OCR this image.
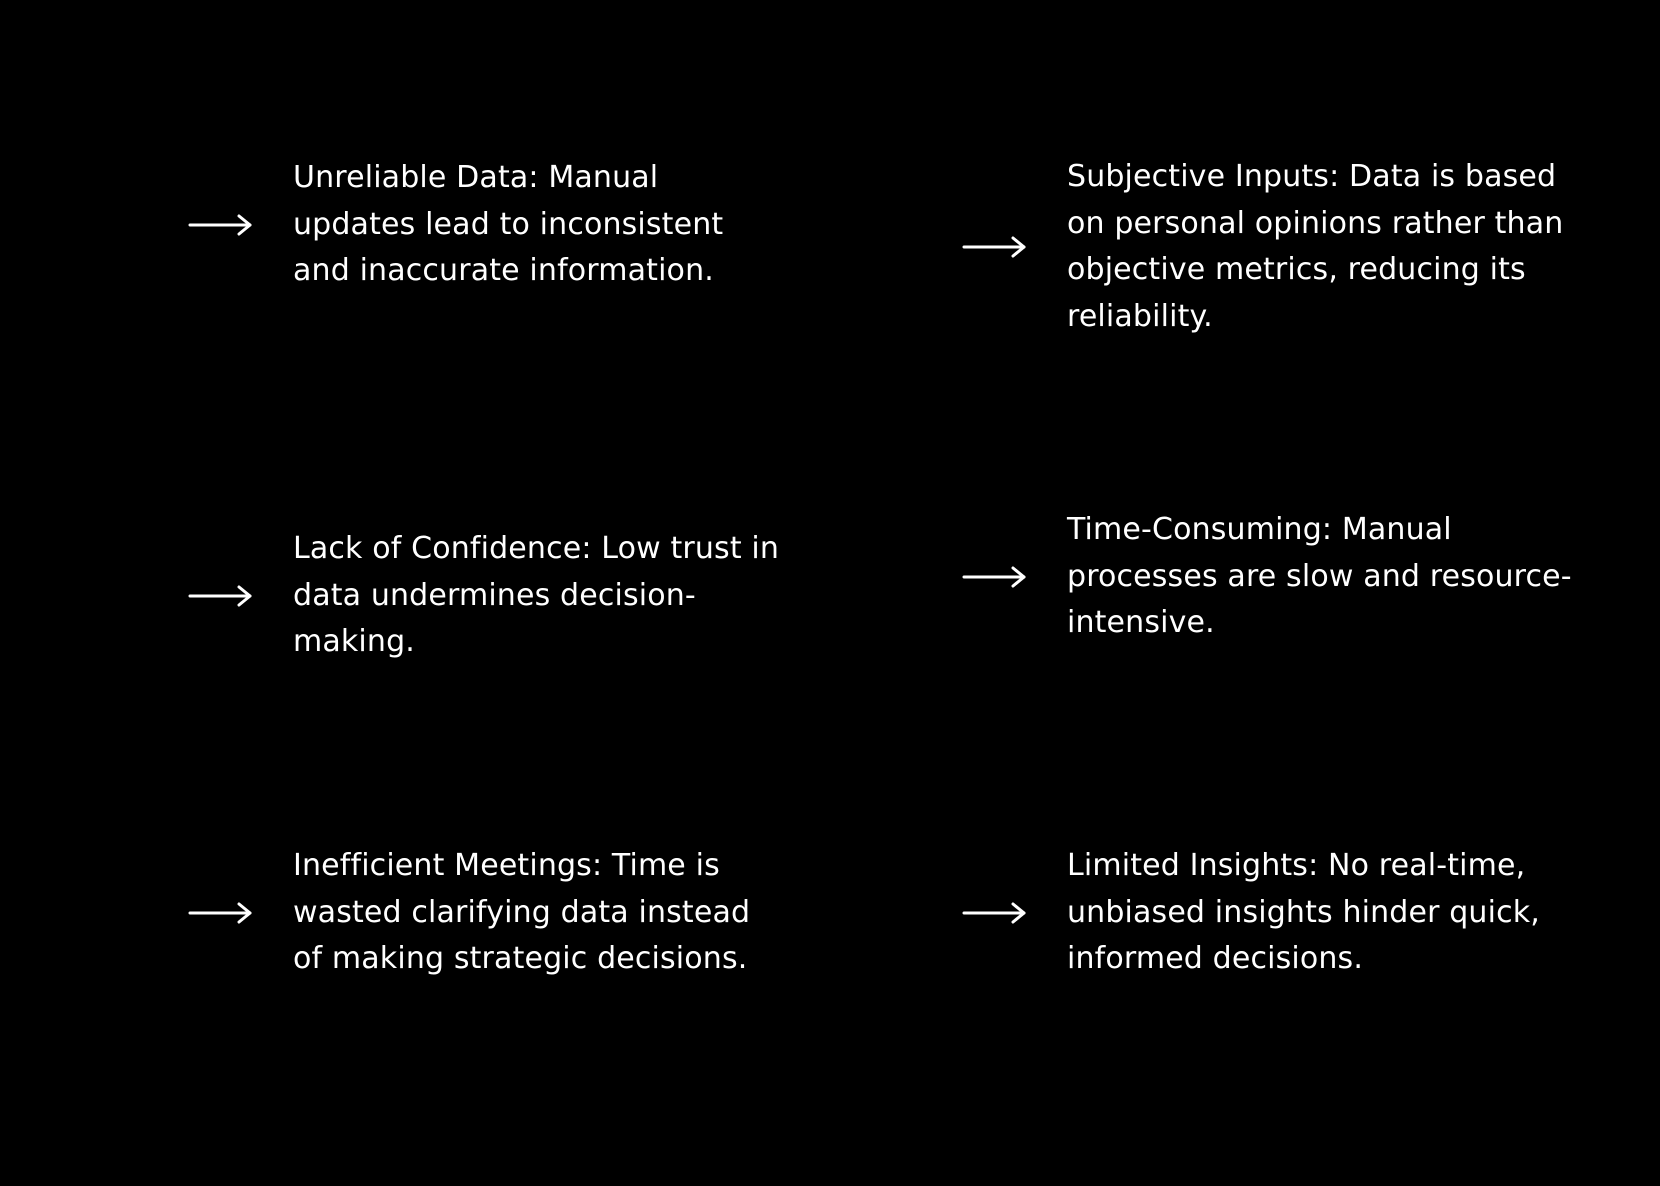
Unreliable Data: Manual updates lead to inconsistent and inaccurate information.
Subjective Inputs: Data is based on personal opinions rather than objective metrics, reducing its reliability.
Lack of Confidence: Low trust in data undermines decision-making.
Time-Consuming: Manual processes are slow and resource-intensive.
Inefficient Meetings: Time is wasted clarifying data instead of making strategic decisions.
Limited Insights: No real-time, unbiased insights hinder quick, informed decisions.
